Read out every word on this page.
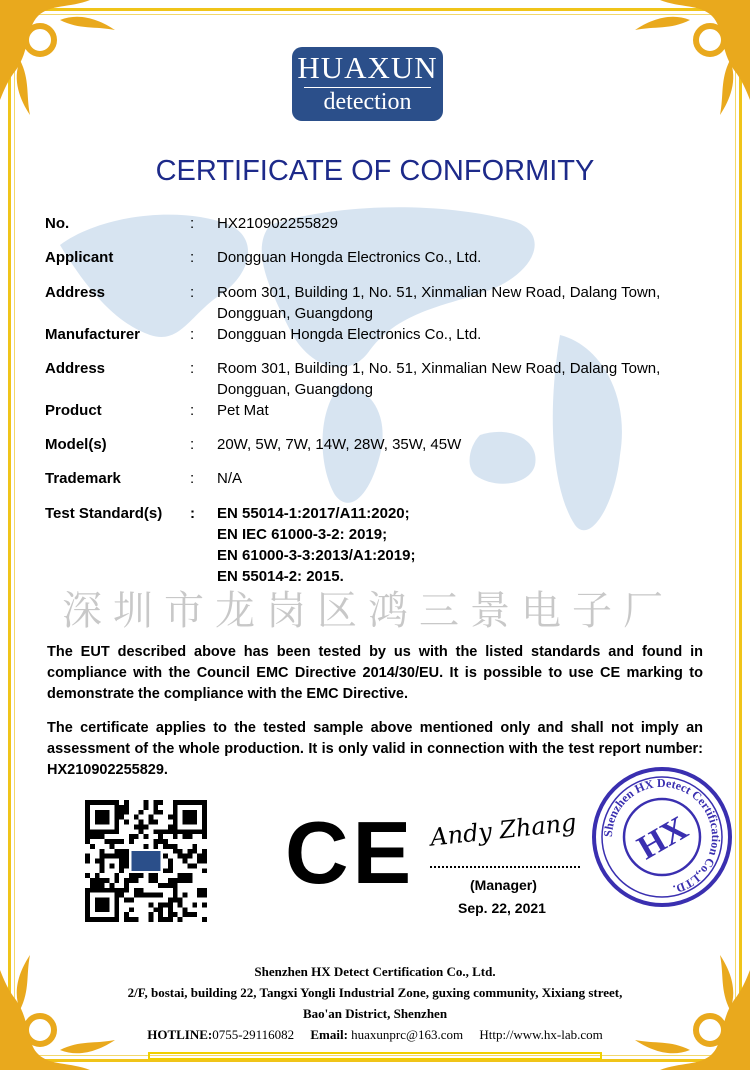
HUAXUN
detection
CERTIFICATE OF CONFORMITY
No.	:	HX210902255829
Applicant	:	Dongguan Hongda Electronics Co., Ltd.
Address	:	Room 301, Building 1, No. 51, Xinmalian New Road, Dalang Town, Dongguan, Guangdong
Manufacturer	:	Dongguan Hongda Electronics Co., Ltd.
Address	:	Room 301, Building 1, No. 51, Xinmalian New Road, Dalang Town, Dongguan, Guangdong
Product	:	Pet Mat
Model(s)	:	20W, 5W, 7W, 14W, 28W, 35W, 45W
Trademark	:	N/A
Test Standard(s)	:	EN 55014-1:2017/A11:2020;
EN IEC 61000-3-2: 2019;
EN 61000-3-3:2013/A1:2019;
EN 55014-2: 2015.
深圳市龙岗区鸿三景电子厂

The EUT described above has been tested by us with the listed standards and found in compliance with the Council EMC Directive 2014/30/EU. It is possible to use CE marking to demonstrate the compliance with the EMC Directive.

The certificate applies to the tested sample above mentioned only and shall not imply an assessment of the whole production. It is only valid in connection with the test report number: HX210902255829.

CE	Shenzhen HX Detect Certification Co.,LTD.
HX
Andy Zhang
(Manager)
Sep. 22, 2021
Shenzhen HX Detect Certification Co., Ltd.
2/F, bostai, building 22, Tangxi Yongli Industrial Zone, guxing community, Xixiang street,
Bao'an District, Shenzhen
HOTLINE:0755-29116082 Email: huaxunprc@163.com Http://www.hx-lab.com
